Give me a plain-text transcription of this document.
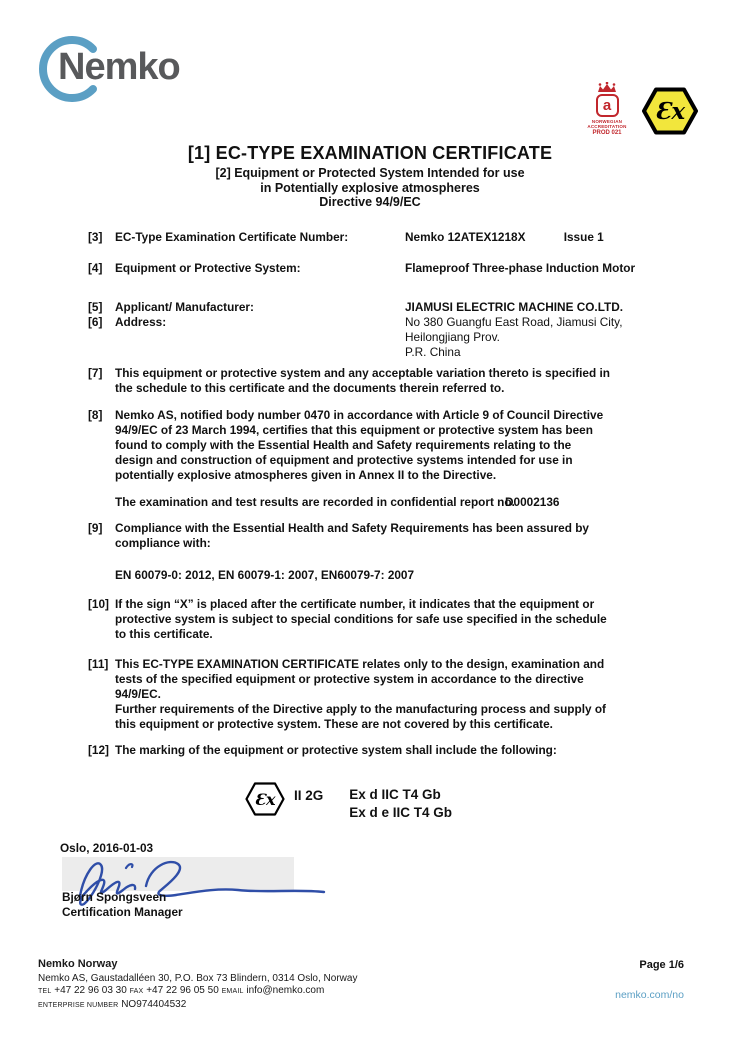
Nemko
a
NORWEGIAN
ACCREDITATION
PROD 021
Ɛx
[1] EC-TYPE EXAMINATION CERTIFICATE
[2] Equipment or Protected System Intended for use
in Potentially explosive atmospheres
Directive 94/9/EC
[3]	EC-Type Examination Certificate Number:	Nemko 12ATEX1218X	Issue 1
[4]	Equipment or Protective System:	Flameproof Three-phase Induction Motor
[5]	Applicant/ Manufacturer:	JIAMUSI ELECTRIC MACHINE CO.LTD.
[6]	Address:	No 380 Guangfu East Road, Jiamusi City,
Heilongjiang Prov.
P.R. China
[7]	This equipment or protective system and any acceptable variation thereto is specified in
the schedule to this certificate and the documents therein referred to.
[8]	Nemko AS, notified body number 0470 in accordance with Article 9 of Council Directive
94/9/EC of 23 March 1994, certifies that this equipment or protective system has been
found to comply with the Essential Health and Safety requirements relating to the
design and construction of equipment and protective systems intended for use in
potentially explosive atmospheres given in Annex II to the Directive.
The examination and test results are recorded in confidential report no.
D0002136
[9]	Compliance with the Essential Health and Safety Requirements has been assured by
compliance with:
EN 60079-0: 2012, EN 60079-1: 2007, EN60079-7: 2007
[10] If the sign “X” is placed after the certificate number, it indicates that the equipment or
protective system is subject to special conditions for safe use specified in the schedule
to this certificate.
[11] This EC-TYPE EXAMINATION CERTIFICATE relates only to the design, examination and
tests of the specified equipment or protective system in accordance to the directive
94/9/EC.
Further requirements of the Directive apply to the manufacturing process and supply of
this equipment or protective system. These are not covered by this certificate.
[12] The marking of the equipment or protective system shall include the following:
Ɛx II 2G Ex d IIC T4 Gb
Ex d e IIC T4 Gb
Oslo, 2016-01-03
Bjørn Spongsveen
Certification Manager
Nemko Norway
Nemko AS, Gaustadalléen 30, P.O. Box 73 Blindern, 0314 Oslo, Norway
TEL +47 22 96 03 30 FAX +47 22 96 05 50 EMAIL info@nemko.com
ENTERPRISE NUMBER NO974404532
Page 1/6
nemko.com/no
